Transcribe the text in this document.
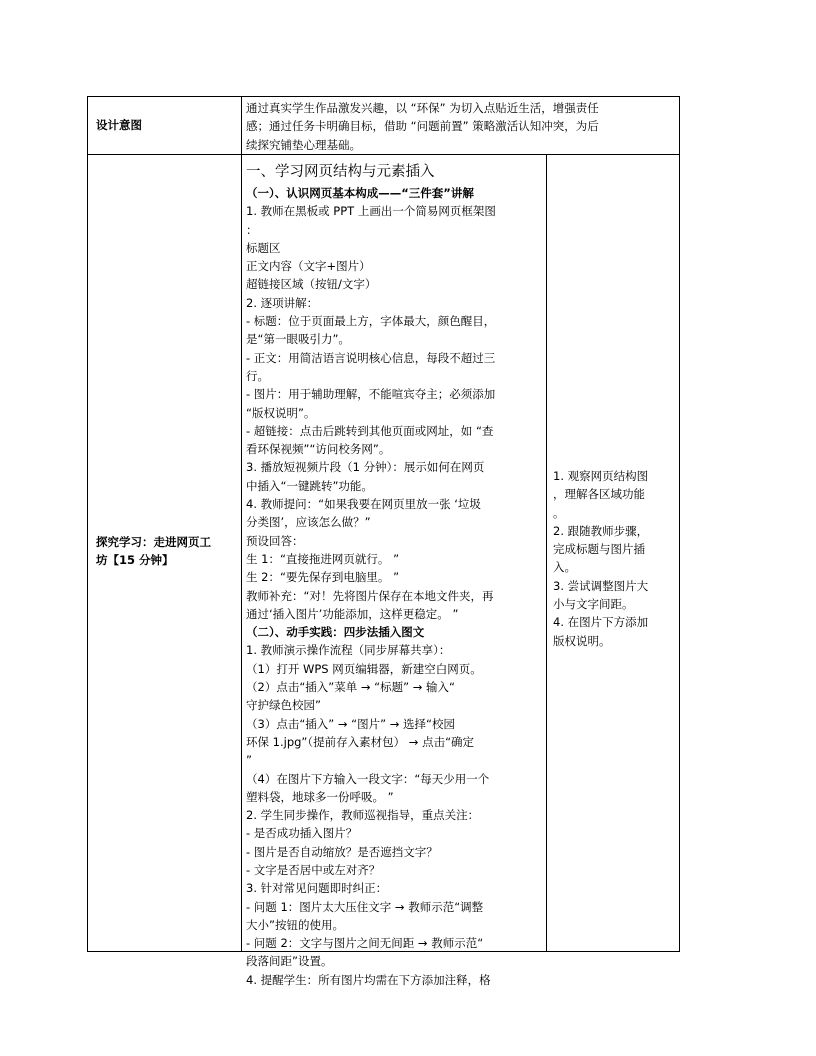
设计意图
通过真实学生作品激发兴趣，以 “环保” 为切入点贴近生活，增强责任
感；通过任务卡明确目标，借助 “问题前置” 策略激活认知冲突，为后
续探究铺垫心理基础。
探究学习：走进网页工
坊【15 分钟】
一、学习网页结构与元素插入
（一）、认识网页基本构成——“三件套”讲解
1. 教师在黑板或 PPT 上画出一个简易网页框架图
：
标题区
正文内容（文字+图片）
超链接区域（按钮/文字）
2. 逐项讲解：
- 标题：位于页面最上方，字体最大，颜色醒目，
是“第一眼吸引力”。
- 正文：用简洁语言说明核心信息，每段不超过三
行。
- 图片：用于辅助理解，不能喧宾夺主；必须添加
“版权说明”。
- 超链接：点击后跳转到其他页面或网址，如 “查
看环保视频”“访问校务网”。
3. 播放短视频片段（1 分钟）：展示如何在网页
中插入“一键跳转”功能。
4. 教师提问：“如果我要在网页里放一张 ‘垃圾
分类图’，应该怎么做？”
预设回答：
生 1：“直接拖进网页就行。 ”
生 2：“要先保存到电脑里。 ”
教师补充：“对！先将图片保存在本地文件夹，再
通过‘插入图片’功能添加，这样更稳定。 ”
（二）、动手实践：四步法插入图文
1. 教师演示操作流程（同步屏幕共享）：
（1）打开 WPS 网页编辑器，新建空白网页。
（2）点击“插入”菜单 → “标题” → 输入“
守护绿色校园”
（3）点击“插入” → “图片” → 选择“校园
环保 1.jpg”（提前存入素材包） → 点击“确定
”
（4）在图片下方输入一段文字：“每天少用一个
塑料袋，地球多一份呼吸。 ”
2. 学生同步操作，教师巡视指导，重点关注：
- 是否成功插入图片？
- 图片是否自动缩放？是否遮挡文字？
- 文字是否居中或左对齐？
3. 针对常见问题即时纠正：
- 问题 1：图片太大压住文字 → 教师示范“调整
大小”按钮的使用。
- 问题 2：文字与图片之间无间距 → 教师示范“
段落间距”设置。
4. 提醒学生：所有图片均需在下方添加注释，格
1. 观察网页结构图
，理解各区域功能
。
2. 跟随教师步骤，
完成标题与图片插
入。
3. 尝试调整图片大
小与文字间距。
4. 在图片下方添加
版权说明。
